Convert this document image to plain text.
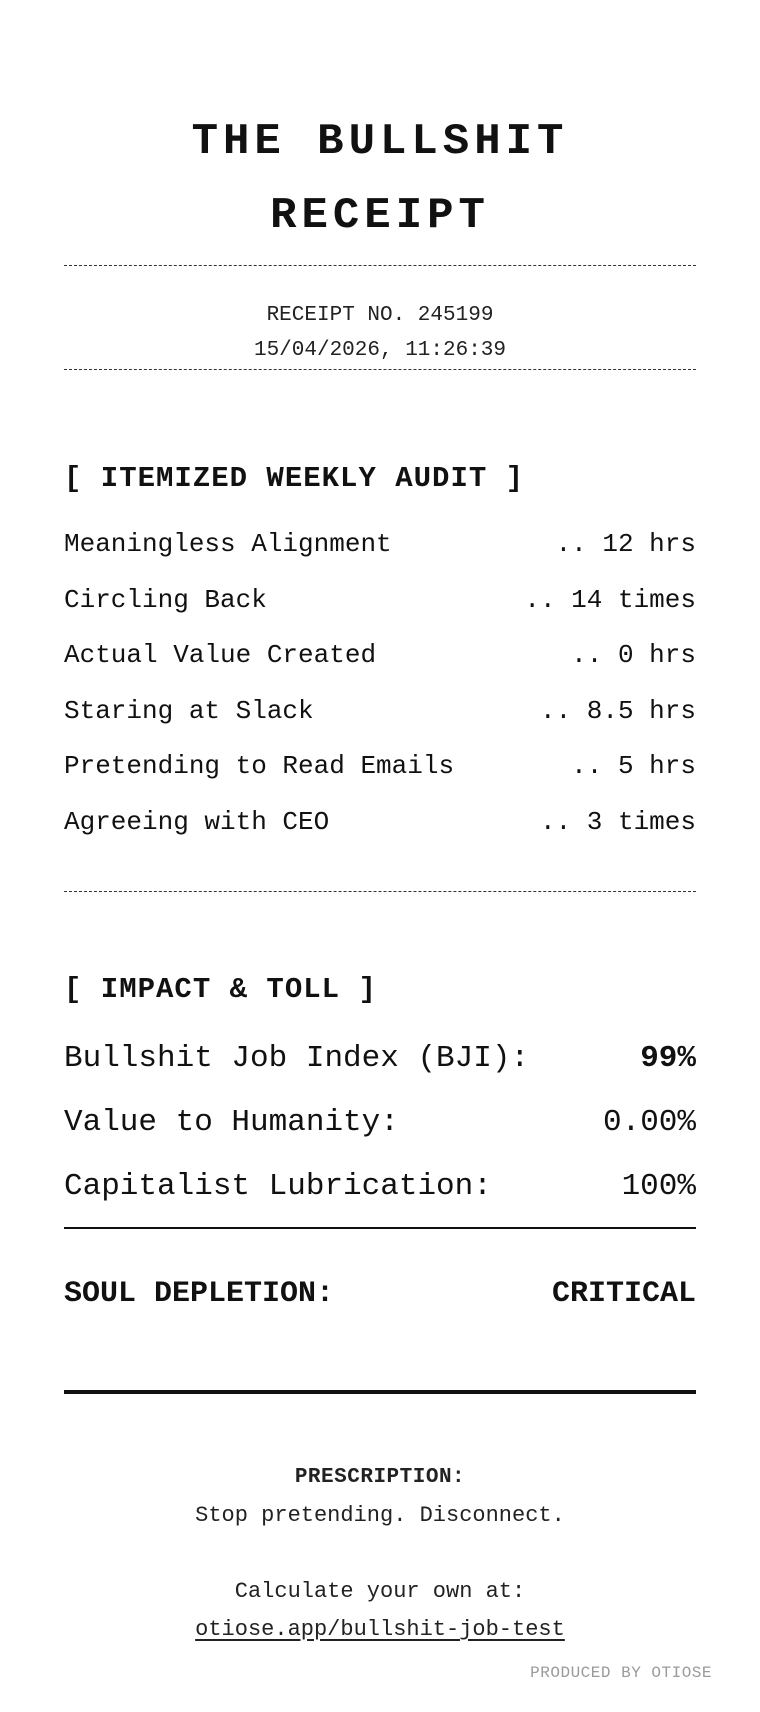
THE BULLSHIT
RECEIPT
RECEIPT NO. 245199
15/04/2026, 11:26:39
[ ITEMIZED WEEKLY AUDIT ]
Meaningless Alignment	.. 12 hrs
Circling Back	.. 14 times
Actual Value Created	.. 0 hrs
Staring at Slack	.. 8.5 hrs
Pretending to Read Emails	.. 5 hrs
Agreeing with CEO	.. 3 times
[ IMPACT & TOLL ]
Bullshit Job Index (BJI):	99%
Value to Humanity:	0.00%
Capitalist Lubrication:	100%
SOUL DEPLETION:	CRITICAL
PRESCRIPTION:
Stop pretending. Disconnect.
Calculate your own at:
otiose.app/bullshit-job-test
PRODUCED BY OTIOSE
